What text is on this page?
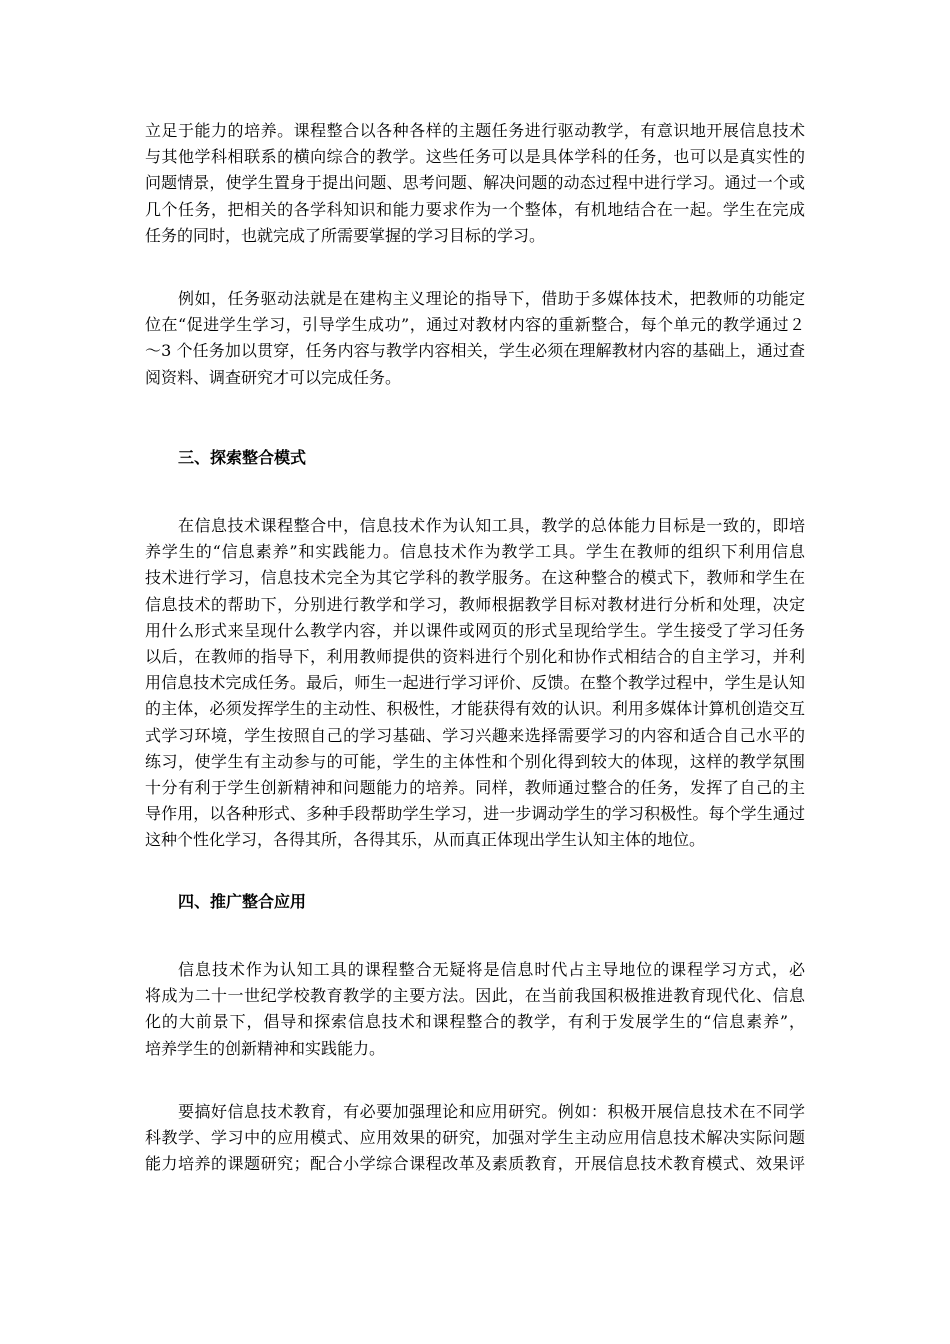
立足于能力的培养。课程整合以各种各样的主题任务进行驱动教学，有意识地开展信息技术
与其他学科相联系的横向综合的教学。这些任务可以是具体学科的任务，也可以是真实性的
问题情景，使学生置身于提出问题、思考问题、解决问题的动态过程中进行学习。通过一个或
几个任务，把相关的各学科知识和能力要求作为一个整体，有机地结合在一起。学生在完成
任务的同时，也就完成了所需要掌握的学习目标的学习。

例如，任务驱动法就是在建构主义理论的指导下，借助于多媒体技术，把教师的功能定
位在“促进学生学习，引导学生成功”，通过对教材内容的重新整合，每个单元的教学通过２
～3 个任务加以贯穿，任务内容与教学内容相关，学生必须在理解教材内容的基础上，通过查
阅资料、调查研究才可以完成任务。

三、探索整合模式

在信息技术课程整合中，信息技术作为认知工具，教学的总体能力目标是一致的，即培
养学生的“信息素养”和实践能力。信息技术作为教学工具。学生在教师的组织下利用信息
技术进行学习，信息技术完全为其它学科的教学服务。在这种整合的模式下，教师和学生在
信息技术的帮助下，分别进行教学和学习，教师根据教学目标对教材进行分析和处理，决定
用什么形式来呈现什么教学内容，并以课件或网页的形式呈现给学生。学生接受了学习任务
以后，在教师的指导下，利用教师提供的资料进行个别化和协作式相结合的自主学习，并利
用信息技术完成任务。最后，师生一起进行学习评价、反馈。在整个教学过程中，学生是认知
的主体，必须发挥学生的主动性、积极性，才能获得有效的认识。利用多媒体计算机创造交互
式学习环境，学生按照自己的学习基础、学习兴趣来选择需要学习的内容和适合自己水平的
练习，使学生有主动参与的可能，学生的主体性和个别化得到较大的体现，这样的教学氛围
十分有利于学生创新精神和问题能力的培养。同样，教师通过整合的任务，发挥了自己的主
导作用，以各种形式、多种手段帮助学生学习，进一步调动学生的学习积极性。每个学生通过
这种个性化学习，各得其所，各得其乐，从而真正体现出学生认知主体的地位。

四、推广整合应用

信息技术作为认知工具的课程整合无疑将是信息时代占主导地位的课程学习方式，必
将成为二十一世纪学校教育教学的主要方法。因此，在当前我国积极推进教育现代化、信息
化的大前景下，倡导和探索信息技术和课程整合的教学，有利于发展学生的“信息素养”，
培养学生的创新精神和实践能力。

要搞好信息技术教育，有必要加强理论和应用研究。例如：积极开展信息技术在不同学
科教学、学习中的应用模式、应用效果的研究，加强对学生主动应用信息技术解决实际问题
能力培养的课题研究；配合小学综合课程改革及素质教育，开展信息技术教育模式、效果评
